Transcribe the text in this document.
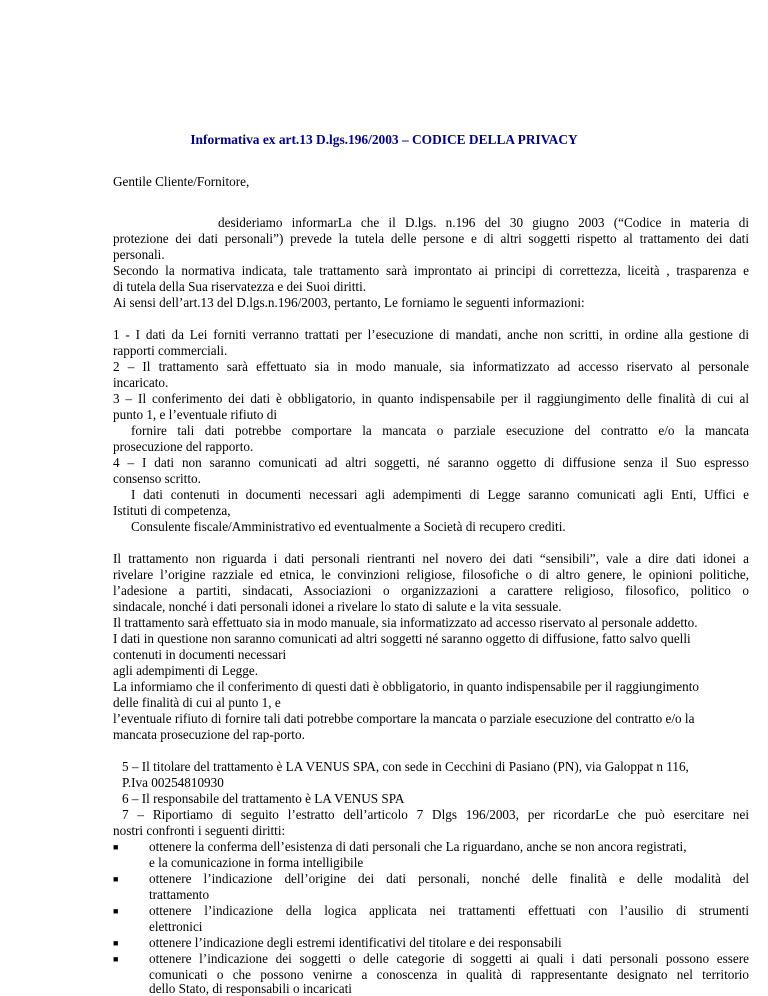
Informativa ex art.13 D.lgs.196/2003 – CODICE DELLA PRIVACY
Gentile Cliente/Fornitore,
desideriamo informarLa che il D.lgs. n.196 del 30 giugno 2003 (“Codice in materia di
protezione dei dati personali”) prevede la tutela delle persone e di altri soggetti rispetto al trattamento dei dati
personali.
Secondo la normativa indicata, tale trattamento sarà improntato ai principi di correttezza, liceità , trasparenza e
di tutela della Sua riservatezza e dei Suoi diritti.
Ai sensi dell’art.13 del D.lgs.n.196/2003, pertanto, Le forniamo le seguenti informazioni:
1 - I dati da Lei forniti verranno trattati per l’esecuzione di mandati, anche non scritti, in ordine alla gestione di
rapporti commerciali.
2 – Il trattamento sarà effettuato sia in modo manuale, sia informatizzato ad accesso riservato al personale
incaricato.
3 – Il conferimento dei dati è obbligatorio, in quanto indispensabile per il raggiungimento delle finalità di cui al
punto 1, e l’eventuale rifiuto di
fornire tali dati potrebbe comportare la mancata o parziale esecuzione del contratto e/o la mancata
prosecuzione del rapporto.
4 – I dati non saranno comunicati ad altri soggetti, né saranno oggetto di diffusione senza il Suo espresso
consenso scritto.
I dati contenuti in documenti necessari agli adempimenti di Legge saranno comunicati agli Enti, Uffici e
Istituti di competenza,
Consulente fiscale/Amministrativo ed eventualmente a Società di recupero crediti.
Il trattamento non riguarda i dati personali rientranti nel novero dei dati “sensibili”, vale a dire dati idonei a
rivelare l’origine razziale ed etnica, le convinzioni religiose, filosofiche o di altro genere, le opinioni politiche,
l’adesione a partiti, sindacati, Associazioni o organizzazioni a carattere religioso, filosofico, politico o
sindacale, nonché i dati personali idonei a rivelare lo stato di salute e la vita sessuale.
Il trattamento sarà effettuato sia in modo manuale, sia informatizzato ad accesso riservato al personale addetto.
I dati in questione non saranno comunicati ad altri soggetti né saranno oggetto di diffusione, fatto salvo quelli
contenuti in documenti necessari
agli adempimenti di Legge.
La informiamo che il conferimento di questi dati è obbligatorio, in quanto indispensabile per il raggiungimento
delle finalità di cui al punto 1, e
l’eventuale rifiuto di fornire tali dati potrebbe comportare la mancata o parziale esecuzione del contratto e/o la
mancata prosecuzione del rap-porto.
5 – Il titolare del trattamento è LA VENUS SPA, con sede in Cecchini di Pasiano (PN), via Galoppat n 116,
P.Iva 00254810930
6 – Il responsabile del trattamento è LA VENUS SPA
7 – Riportiamo di seguito l’estratto dell’articolo 7 Dlgs 196/2003, per ricordarLe che può esercitare nei
nostri confronti i seguenti diritti:
■ ottenere la conferma dell’esistenza di dati personali che La riguardano, anche se non ancora registrati,
e la comunicazione in forma intelligibile
■ ottenere l’indicazione dell’origine dei dati personali, nonché delle finalità e delle modalità del
trattamento
■ ottenere l’indicazione della logica applicata nei trattamenti effettuati con l’ausilio di strumenti
elettronici
■ ottenere l’indicazione degli estremi identificativi del titolare e dei responsabili
■ ottenere l’indicazione dei soggetti o delle categorie di soggetti ai quali i dati personali possono essere
comunicati o che possono venirne a conoscenza in qualità di rappresentante designato nel territorio
dello Stato, di responsabili o incaricati
